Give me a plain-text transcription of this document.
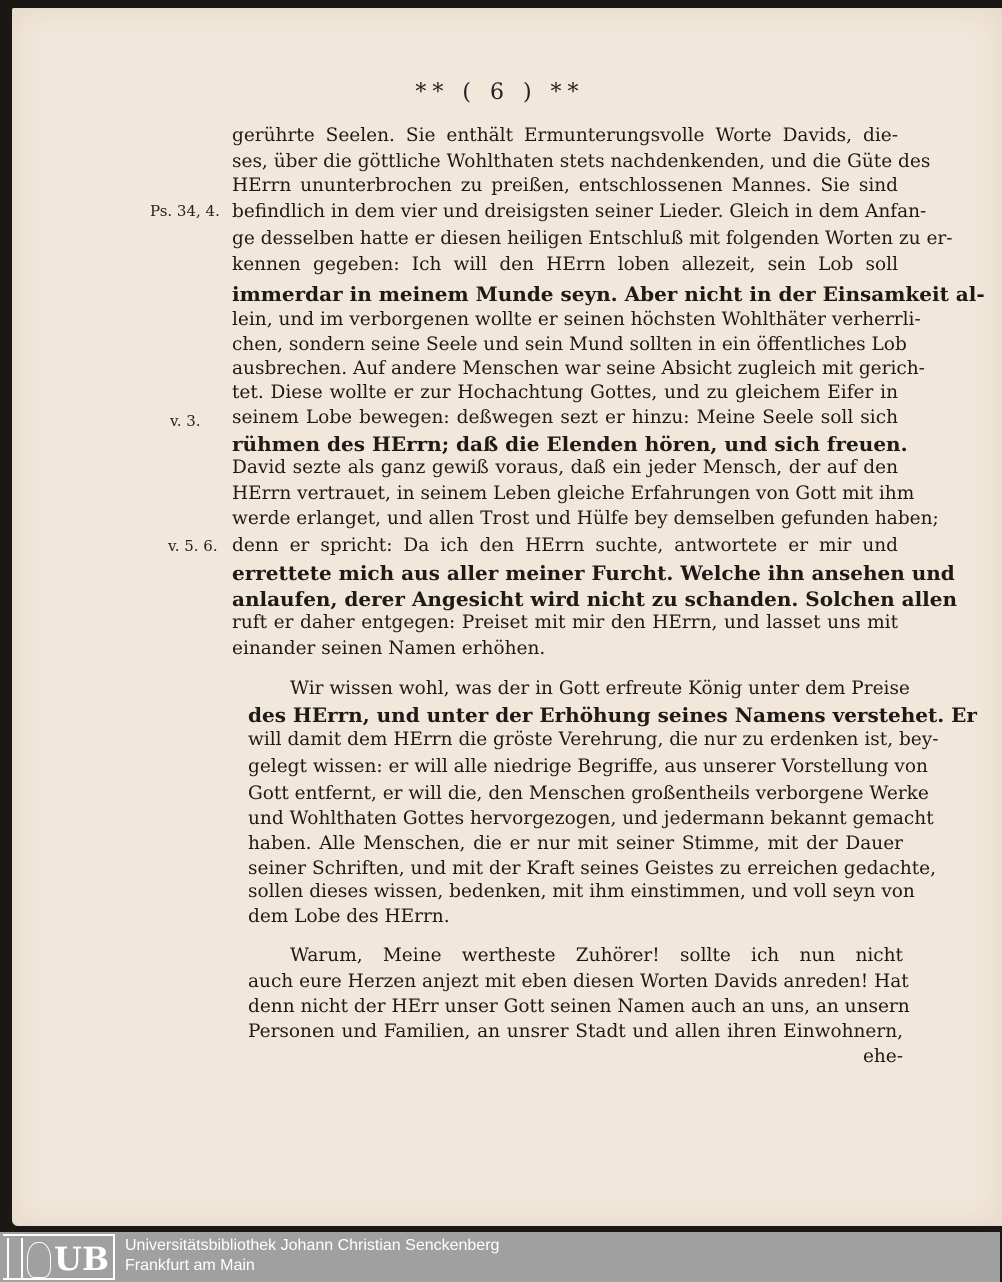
** ( 6 ) **
gerührte Seelen. Sie enthält Ermunterungsvolle Worte Davids, die-
ses, über die göttliche Wohlthaten stets nachdenkenden, und die Güte des
HErrn ununterbrochen zu preißen, entschlossenen Mannes. Sie sind
befindlich in dem vier und dreisigsten seiner Lieder. Gleich in dem Anfan-
ge desselben hatte er diesen heiligen Entschluß mit folgenden Worten zu er-
kennen gegeben: Ich will den HErrn loben allezeit, sein Lob soll
immerdar in meinem Munde seyn. Aber nicht in der Einsamkeit al-
lein, und im verborgenen wollte er seinen höchsten Wohlthäter verherrli-
chen, sondern seine Seele und sein Mund sollten in ein öffentliches Lob
ausbrechen. Auf andere Menschen war seine Absicht zugleich mit gerich-
tet. Diese wollte er zur Hochachtung Gottes, und zu gleichem Eifer in
seinem Lobe bewegen: deßwegen sezt er hinzu: Meine Seele soll sich
rühmen des HErrn; daß die Elenden hören, und sich freuen.
David sezte als ganz gewiß voraus, daß ein jeder Mensch, der auf den
HErrn vertrauet, in seinem Leben gleiche Erfahrungen von Gott mit ihm
werde erlanget, und allen Trost und Hülfe bey demselben gefunden haben;
denn er spricht: Da ich den HErrn suchte, antwortete er mir und
errettete mich aus aller meiner Furcht. Welche ihn ansehen und
anlaufen, derer Angesicht wird nicht zu schanden. Solchen allen
ruft er daher entgegen: Preiset mit mir den HErrn, und lasset uns mit
einander seinen Namen erhöhen.
Wir wissen wohl, was der in Gott erfreute König unter dem Preise
des HErrn, und unter der Erhöhung seines Namens verstehet. Er
will damit dem HErrn die gröste Verehrung, die nur zu erdenken ist, bey-
gelegt wissen: er will alle niedrige Begriffe, aus unserer Vorstellung von
Gott entfernt, er will die, den Menschen großentheils verborgene Werke
und Wohlthaten Gottes hervorgezogen, und jedermann bekannt gemacht
haben. Alle Menschen, die er nur mit seiner Stimme, mit der Dauer
seiner Schriften, und mit der Kraft seines Geistes zu erreichen gedachte,
sollen dieses wissen, bedenken, mit ihm einstimmen, und voll seyn von
dem Lobe des HErrn.
Warum, Meine wertheste Zuhörer! sollte ich nun nicht
auch eure Herzen anjezt mit eben diesen Worten Davids anreden! Hat
denn nicht der HErr unser Gott seinen Namen auch an uns, an unsern
Personen und Familien, an unsrer Stadt und allen ihren Einwohnern,
ehe-
Ps. 34, 4.
v. 3.
v. 5. 6.
UB Universitätsbibliothek Johann Christian Senckenberg
Frankfurt am Main
